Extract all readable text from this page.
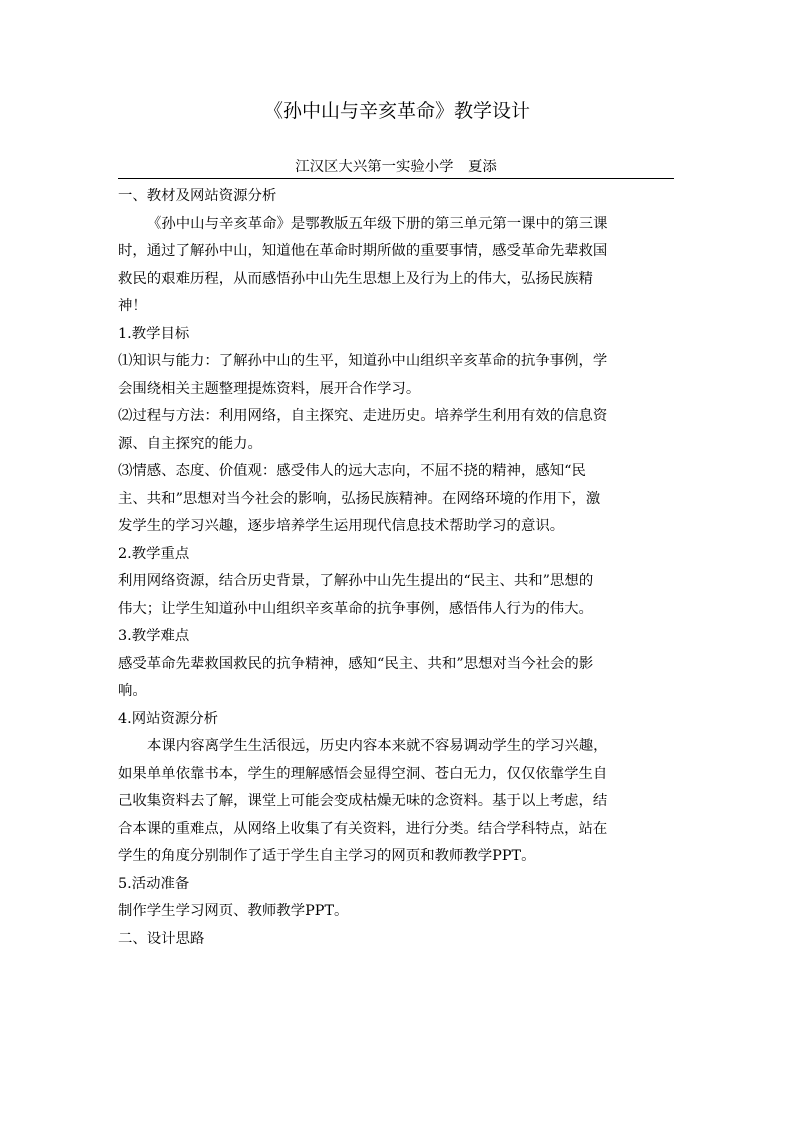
《孙中山与辛亥革命》教学设计
江汉区大兴第一实验小学　夏添
一、教材及网站资源分析
《孙中山与辛亥革命》是鄂教版五年级下册的第三单元第一课中的第三课
时，通过了解孙中山，知道他在革命时期所做的重要事情，感受革命先辈救国
救民的艰难历程，从而感悟孙中山先生思想上及行为上的伟大，弘扬民族精
神！
1.教学目标
⑴知识与能力：了解孙中山的生平，知道孙中山组织辛亥革命的抗争事例，学
会围绕相关主题整理提炼资料，展开合作学习。
⑵过程与方法：利用网络，自主探究、走进历史。培养学生利用有效的信息资
源、自主探究的能力。
⑶情感、态度、价值观：感受伟人的远大志向，不屈不挠的精神，感知“民
主、共和”思想对当今社会的影响，弘扬民族精神。在网络环境的作用下，激
发学生的学习兴趣，逐步培养学生运用现代信息技术帮助学习的意识。
2.教学重点
利用网络资源，结合历史背景，了解孙中山先生提出的“民主、共和”思想的
伟大；让学生知道孙中山组织辛亥革命的抗争事例，感悟伟人行为的伟大。
3.教学难点
感受革命先辈救国救民的抗争精神，感知“民主、共和”思想对当今社会的影
响。
4.网站资源分析
本课内容离学生生活很远，历史内容本来就不容易调动学生的学习兴趣，
如果单单依靠书本，学生的理解感悟会显得空洞、苍白无力，仅仅依靠学生自
己收集资料去了解，课堂上可能会变成枯燥无味的念资料。基于以上考虑，结
合本课的重难点，从网络上收集了有关资料，进行分类。结合学科特点，站在
学生的角度分别制作了适于学生自主学习的网页和教师教学PPT。
5.活动准备
制作学生学习网页、教师教学PPT。
二、设计思路
